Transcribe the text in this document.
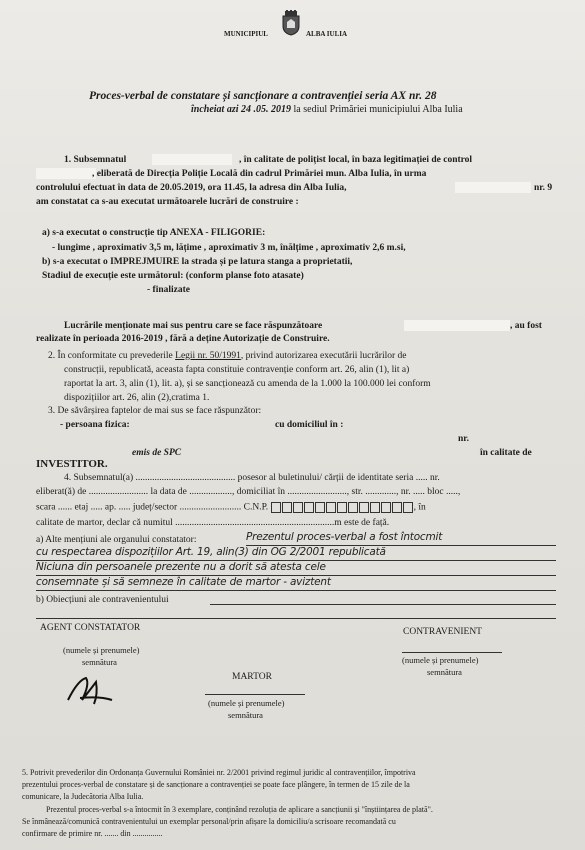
MUNICIPIUL	ALBA IULIA
Proces-verbal de constatare și sancționare a contravenției seria AX nr. 28
încheiat azi 24 .05. 2019 la sediul Primăriei municipiului Alba Iulia
1. Subsemnatul	, în calitate de polițist local, în baza legitimației de control
, eliberată de Direcția Poliție Locală din cadrul Primăriei mun. Alba Iulia, în urma
controlului efectuat în data de 20.05.2019, ora 11.45, la adresa din Alba Iulia,	nr. 9
am constatat ca s-au executat următoarele lucrări de construire :
a) s-a executat o construcție tip ANEXA - FILIGORIE:
- lungime , aproximativ 3,5 m, lățime , aproximativ 3 m, înălțime , aproximativ 2,6 m.si,
b) s-a executat o IMPREJMUIRE la strada și pe latura stanga a proprietatii,
Stadiul de execuție este următorul: (conform planse foto atasate)
- finalizate
Lucrările menționate mai sus pentru care se face răspunzătoare	, au fost
realizate în perioada 2016-2019 , fără a deține Autorizație de Construire.
2. În conformitate cu prevederile Legii nr. 50/1991, privind autorizarea executării lucrărilor de
construcții, republicată, aceasta fapta constituie contravenție conform art. 26, alin (1), lit a)
raportat la art. 3, alin (1), lit. a), și se sancționează cu amenda de la 1.000 la 100.000 lei conform
dispozițiilor art. 26, alin (2),cratima 1.
3. De săvârșirea faptelor de mai sus se face răspunzător:
- persoana fizica:	cu domiciliul în :
nr.
emis de SPC	în calitate de
INVESTITOR.
4. Subsemnatul(a) .......................................... posesor al buletinului/ cărții de identitate seria ..... nr.
eliberat(ă) de ......................... la data de .................., domiciliat în ........................., str. ............., nr. ..... bloc .....,
scara ...... etaj ..... ap. ..... județ/sector .......................... C.N.P.	, în
calitate de martor, declar că numitul ...................................................................m este de față.
a) Alte mențiuni ale organului constatator:	Prezentul proces-verbal a fost întocmit
cu respectarea dispozițiilor Art. 19, alin(3) din OG 2/2001 republicată
Niciuna din persoanele prezente nu a dorit să atesta cele
consemnate și să semneze în calitate de martor - aviztent
b) Obiecțiuni ale contravenientului
AGENT CONSTATATOR
(numele și prenumele)
semnătura
CONTRAVENIENT
(numele și prenumele)
semnătura
MARTOR
(numele și prenumele)
semnătura
5. Potrivit prevederilor din Ordonanța Guvernului României nr. 2/2001 privind regimul juridic al contravențiilor, împotriva
prezentului proces-verbal de constatare și de sancționare a contravenției se poate face plângere, în termen de 15 zile de la
comunicare, la Judecătoria Alba Iulia.
Prezentul proces-verbal s-a întocmit în 3 exemplare, conținând rezoluția de aplicare a sancțiunii și "înștiințarea de plată".
Se înmânează/comunică contravenientului un exemplar personal/prin afișare la domiciliu/a scrisoare recomandată cu
confirmare de primire nr. ....... din ...............
